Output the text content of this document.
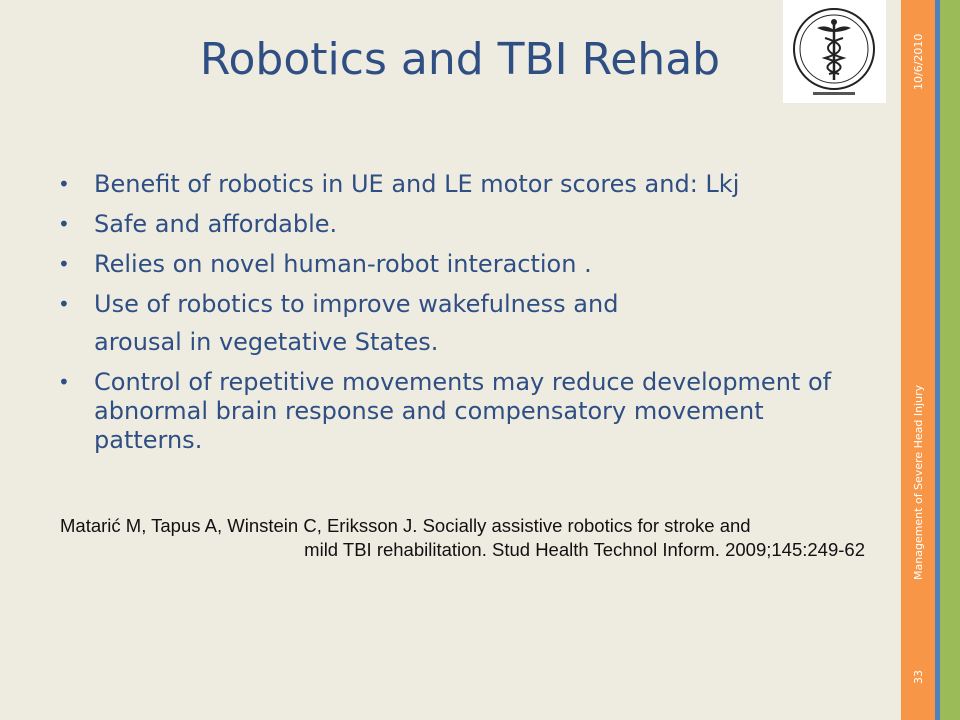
Robotics and TBI Rehab	10/6/2010
Management of Severe Head Injury
33
• Benefit of robotics in UE and LE motor scores and: Lkj
• Safe and affordable.
• Relies on novel human-robot interaction .
• Use of robotics to improve wakefulness and
arousal in vegetative States.
• Control of repetitive movements may reduce development of abnormal brain response and compensatory movement patterns.
Matarić M, Tapus A, Winstein C, Eriksson J. Socially assistive robotics for stroke and
mild TBI rehabilitation. Stud Health Technol Inform. 2009;145:249-62
